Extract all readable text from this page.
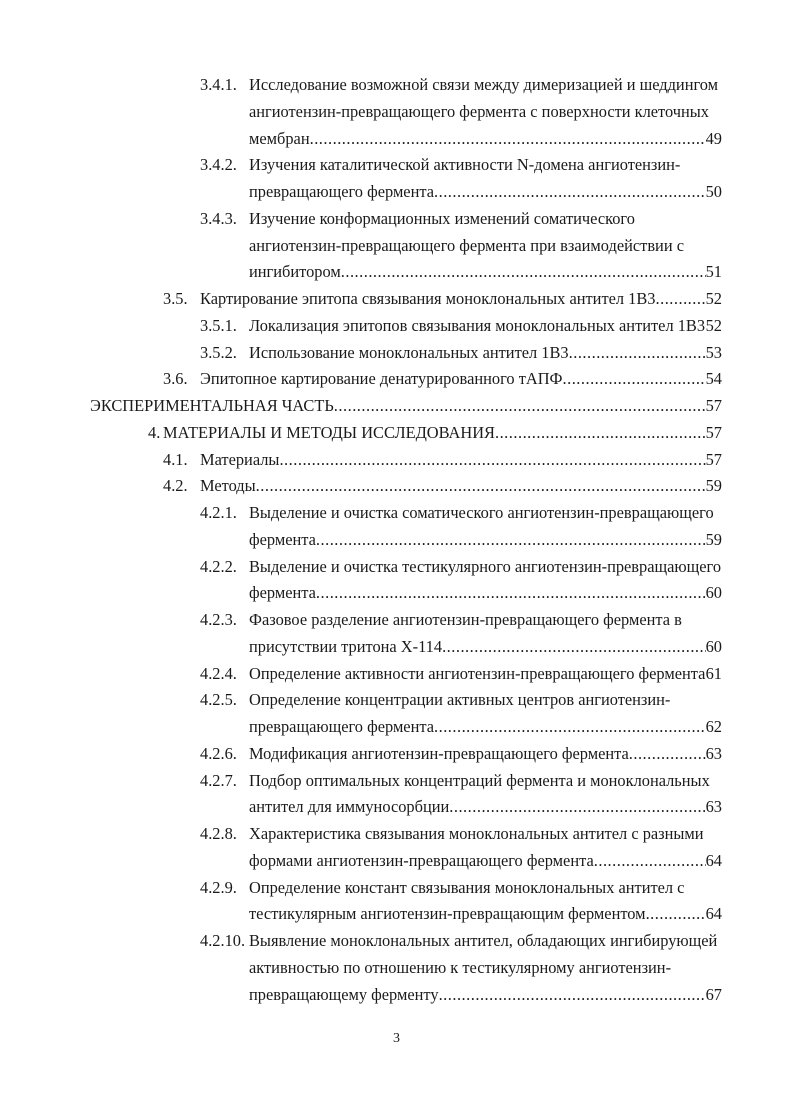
3.4.1. Исследование возможной связи между димеризацией и шеддингом
ангиотензин-превращающего фермента с поверхности клеточных
мембран .....	49
3.4.2. Изучения каталитической активности N-домена ангиотензин-
превращающего фермента .....	50
3.4.3. Изучение конформационных изменений соматического
ангиотензин-превращающего фермента при взаимодействии с
ингибитором .....	51
3.5. Картирование эпитопа связывания моноклональных антител 1В3 .....	52
3.5.1. Локализация эпитопов связывания моноклональных антител 1В3 52
3.5.2. Использование моноклональных антител 1В3 .....	53
3.6. Эпитопное картирование денатурированного тАПФ .....	54
ЭКСПЕРИМЕНТАЛЬНАЯ ЧАСТЬ .....	57
4. МАТЕРИАЛЫ И МЕТОДЫ ИССЛЕДОВАНИЯ .....	57
4.1. Материалы .....	57
4.2. Методы .....	59
4.2.1. Выделение и очистка соматического ангиотензин-превращающего
фермента .....	59
4.2.2. Выделение и очистка тестикулярного ангиотензин-превращающего
фермента .....	60
4.2.3. Фазовое разделение ангиотензин-превращающего фермента в
присутствии тритона Х-114 .....	60
4.2.4. Определение активности ангиотензин-превращающего фермента 61
4.2.5. Определение концентрации активных центров ангиотензин-
превращающего фермента .....	62
4.2.6. Модификация ангиотензин-превращающего фермента .....	63
4.2.7. Подбор оптимальных концентраций фермента и моноклональных
антител для иммуносорбции .....	63
4.2.8. Характеристика связывания моноклональных антител с разными
формами ангиотензин-превращающего фермента .....	64
4.2.9. Определение констант связывания моноклональных антител с
тестикулярным ангиотензин-превращающим ферментом .....	64
4.2.10. Выявление моноклональных антител, обладающих ингибирующей
активностью по отношению к тестикулярному ангиотензин-
превращающему ферменту .....	67
3
